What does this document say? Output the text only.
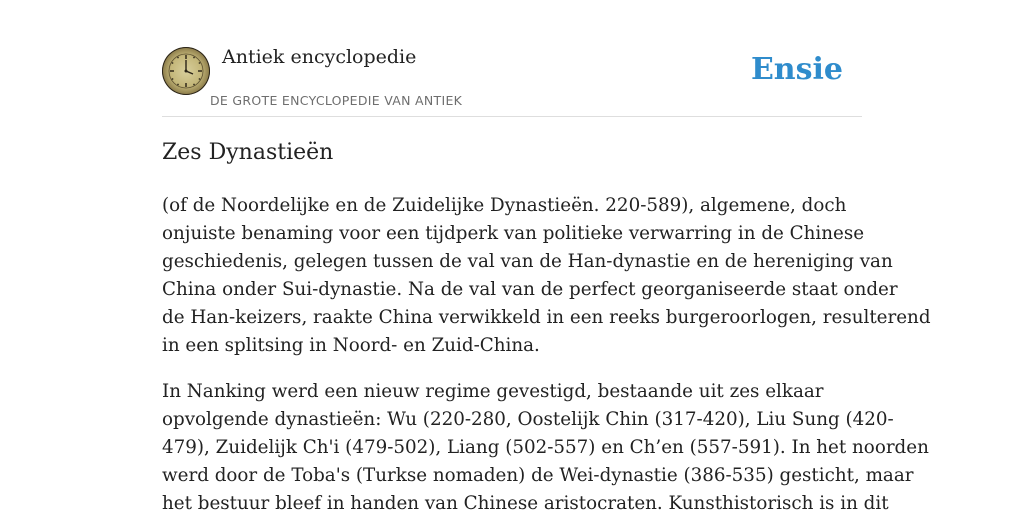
Antiek encyclopedie
DE GROTE ENCYCLOPEDIE VAN ANTIEK
Ensie
Zes Dynastieën

(of de Noordelijke en de Zuidelijke Dynastieën. 220-589), algemene, doch
onjuiste benaming voor een tijdperk van politieke verwarring in de Chinese
geschiedenis, gelegen tussen de val van de Han-dynastie en de hereniging van
China onder Sui-dynastie. Na de val van de perfect georganiseerde staat onder
de Han-keizers, raakte China verwikkeld in een reeks burgeroorlogen, resulterend
in een splitsing in Noord- en Zuid-China.

In Nanking werd een nieuw regime gevestigd, bestaande uit zes elkaar
opvolgende dynastieën: Wu (220-280, Oostelijk Chin (317-420), Liu Sung (420-
479), Zuidelijk Ch'i (479-502), Liang (502-557) en Ch’en (557-591). In het noorden
werd door de Toba's (Turkse nomaden) de Wei-dynastie (386-535) gesticht, maar
het bestuur bleef in handen van Chinese aristocraten. Kunsthistorisch is in dit
